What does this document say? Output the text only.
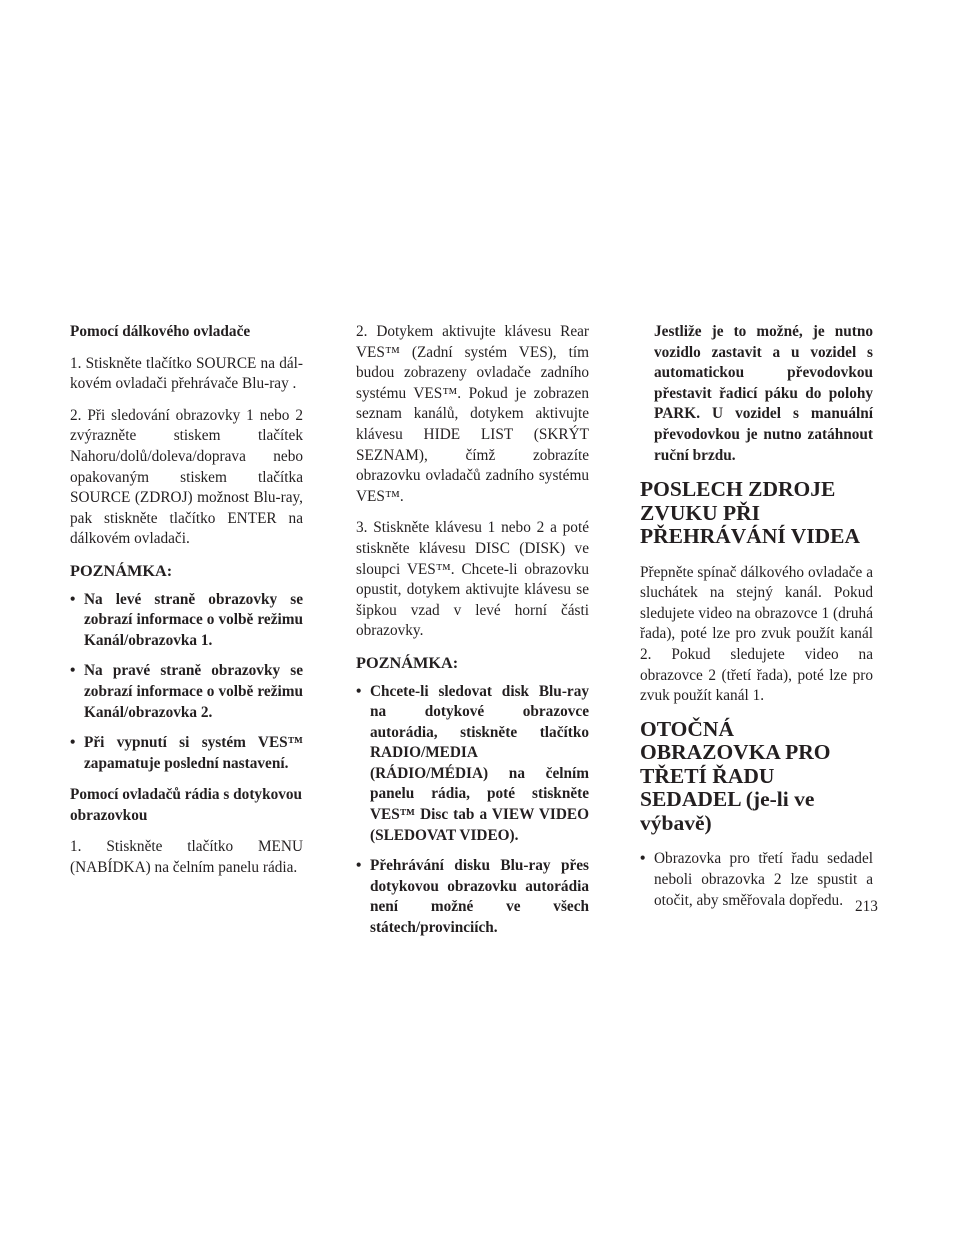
Pomocí dálkového ovladače

1. Stiskněte tlačítko SOURCE na dálkovém ovladači přehrávače Blu-ray .

2. Při sledování obrazovky 1 nebo 2 zvýrazněte stiskem tlačítek Nahoru/dolů/doleva/doprava nebo opakovaným stiskem tlačítka SOURCE (ZDROJ) možnost Blu-ray, pak stiskněte tlačítko ENTER na dálkovém ovladači.

POZNÁMKA:
• Na levé straně obrazovky se zobrazí informace o volbě režimu Kanál/obrazovka 1.
• Na pravé straně obrazovky se zobrazí informace o volbě režimu Kanál/obrazovka 2.
• Při vypnutí si systém VES™ zapamatuje poslední nastavení.

Pomocí ovladačů rádia s dotykovou obrazovkou

1. Stiskněte tlačítko MENU (NABÍDKA) na čelním panelu rádia.

2. Dotykem aktivujte klávesu Rear VES™ (Zadní systém VES), tím budou zobrazeny ovladače zadního systému VES™. Pokud je zobrazen seznam kanálů, dotykem aktivujte klávesu HIDE LIST (SKRÝT SEZNAM), čímž zobrazíte obrazovku ovladačů zadního systému VES™.

3. Stiskněte klávesu 1 nebo 2 a poté stiskněte klávesu DISC (DISK) ve sloupci VES™. Chcete-li obrazovku opustit, dotykem aktivujte klávesu se šipkou vzad v levé horní části obrazovky.

POZNÁMKA:
• Chcete-li sledovat disk Blu-ray na dotykové obrazovce autorádia, stiskněte tlačítko RADIO/MEDIA (RÁDIO/MÉDIA) na čelním panelu rádia, poté stiskněte VES™ Disc tab a VIEW VIDEO (SLEDOVAT VIDEO).
• Přehrávání disku Blu-ray přes dotykovou obrazovku autorádia není možné ve všech státech/provinciích.
Jestliže je to možné, je nutno vozidlo zastavit a u vozidel s automatickou převodovkou přestavit řadicí páku do polohy PARK. U vozidel s manuální převodovkou je nutno zatáhnout ruční brzdu.
POSLECH ZDROJE ZVUKU PŘI PŘEHRÁVÁNÍ VIDEA

Přepněte spínač dálkového ovladače a sluchátek na stejný kanál. Pokud sledujete video na obrazovce 1 (druhá řada), poté lze pro zvuk použít kanál 2. Pokud sledujete video na obrazovce 2 (třetí řada), poté lze pro zvuk použít kanál 1.

OTOČNÁ OBRAZOVKA PRO TŘETÍ ŘADU SEDADEL (je-li ve výbavě)
• Obrazovka pro třetí řadu sedadel neboli obrazovka 2 lze spustit a otočit, aby směřovala dopředu. 213
